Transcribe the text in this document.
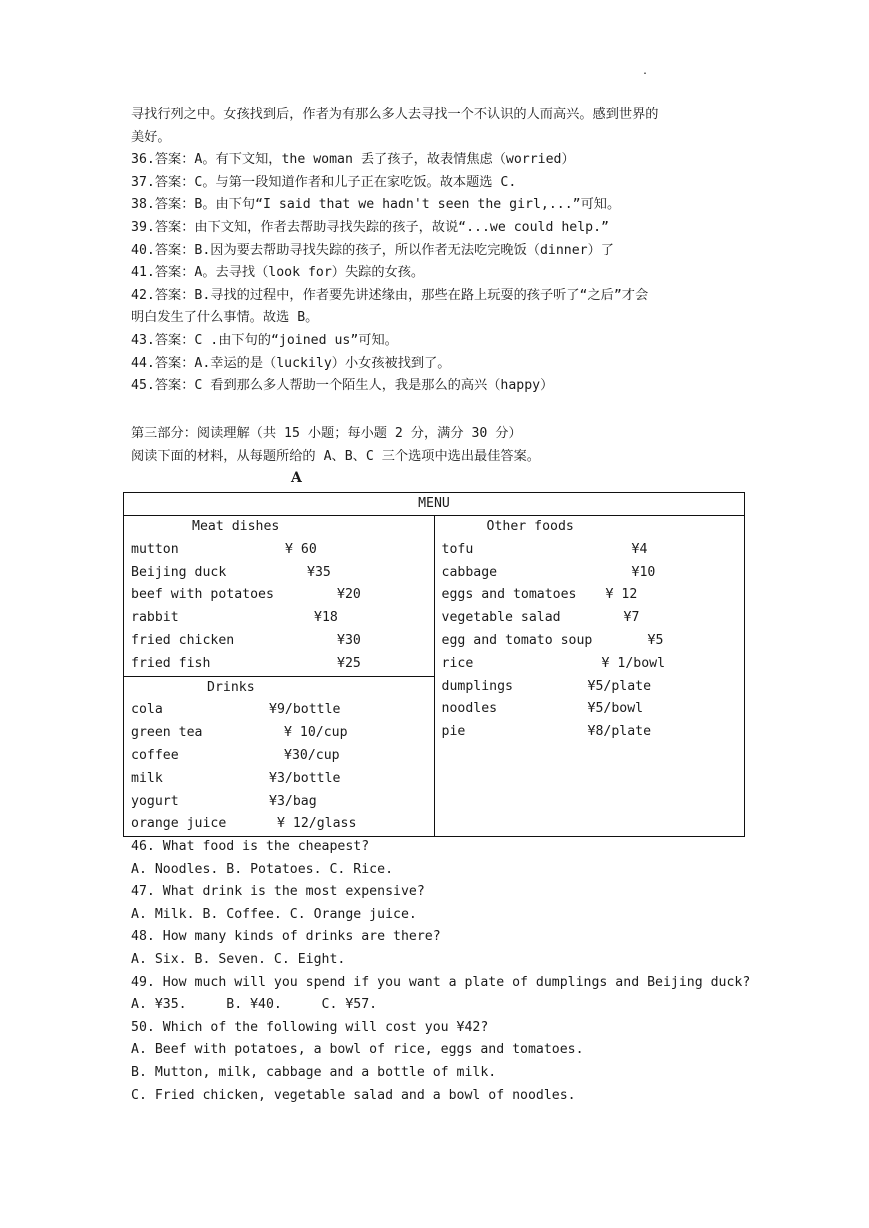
.
寻找行列之中。女孩找到后，作者为有那么多人去寻找一个不认识的人而高兴。感到世界的
美好。
36.答案：A。有下文知，the woman 丢了孩子，故表情焦虑（worried）
37.答案：C。与第一段知道作者和儿子正在家吃饭。故本题选 C.
38.答案：B。由下句“I said that we hadn't seen the girl,...”可知。
39.答案：由下文知，作者去帮助寻找失踪的孩子，故说“...we could help.”
40.答案：B.因为要去帮助寻找失踪的孩子，所以作者无法吃完晚饭（dinner）了
41.答案：A。去寻找（look for）失踪的女孩。
42.答案：B.寻找的过程中，作者要先讲述缘由，那些在路上玩耍的孩子听了“之后”才会
明白发生了什么事情。故选 B。
43.答案：C .由下句的“joined us”可知。
44.答案：A.幸运的是（luckily）小女孩被找到了。
45.答案：C 看到那么多人帮助一个陌生人，我是那么的高兴（happy）
第三部分：阅读理解（共 15 小题；每小题 2 分，满分 30 分）
阅读下面的材料，从每题所给的 A、B、C 三个选项中选出最佳答案。
A
MENU

Meat dishes
mutton	¥ 60
Beijing duck	¥35
beef with potatoes	¥20
rabbit	¥18
fried chicken	¥30
fried fish	¥25

Other foods
tofu	¥4
cabbage	¥10
eggs and tomatoes ¥ 12
vegetable salad	¥7
egg and tomato soup	¥5
rice	¥ 1/bowl
dumplings	¥5/plate
noodles	¥5/bowl
pie	¥8/plate

Drinks
cola	¥9/bottle
green tea	¥ 10/cup
coffee	¥30/cup
milk	¥3/bottle
yogurt	¥3/bag
orange juice	¥ 12/glass
46. What food is the cheapest?
A. Noodles. B. Potatoes. C. Rice.
47. What drink is the most expensive?
A. Milk. B. Coffee. C. Orange juice.
48. How many kinds of drinks are there?
A. Six. B. Seven. C. Eight.
49. How much will you spend if you want a plate of dumplings and Beijing duck?
A. ¥35.     B. ¥40.     C. ¥57.
50. Which of the following will cost you ¥42?
A. Beef with potatoes, a bowl of rice, eggs and tomatoes.
B. Mutton, milk, cabbage and a bottle of milk.
C. Fried chicken, vegetable salad and a bowl of noodles.
